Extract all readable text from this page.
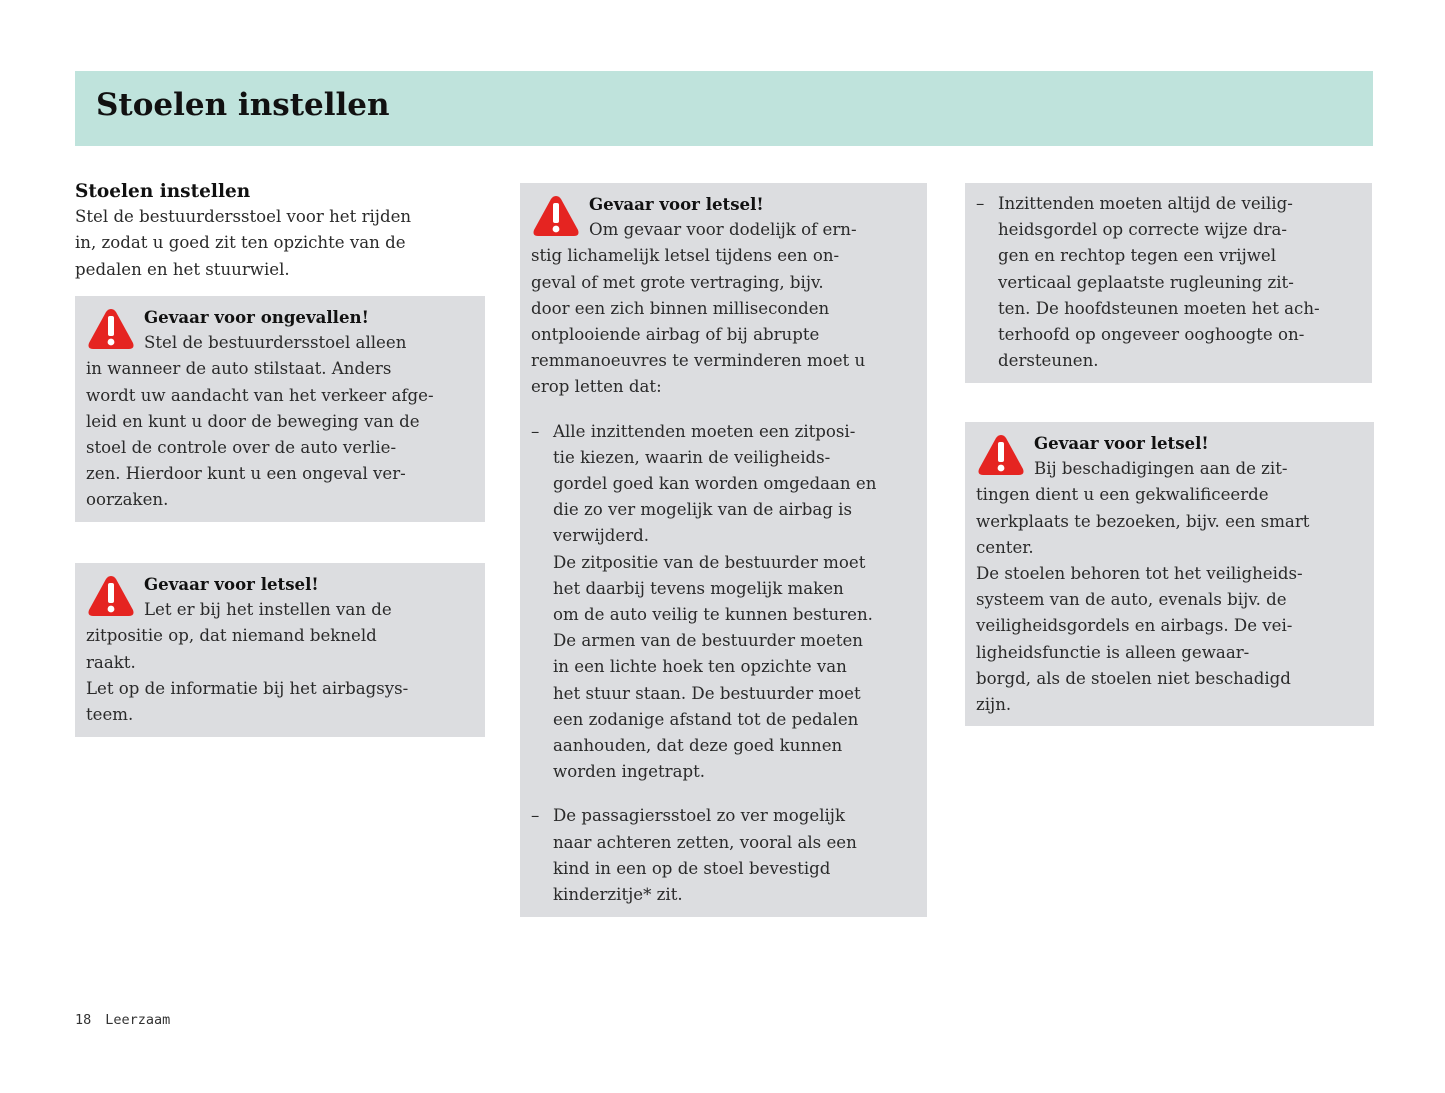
Stoelen instellen
Stoelen instellen
Stel de bestuurdersstoel voor het rijden
in, zodat u goed zit ten opzichte van de
pedalen en het stuurwiel.
Gevaar voor ongevallen!
Stel de bestuurdersstoel alleen
in wanneer de auto stilstaat. Anders
wordt uw aandacht van het verkeer afge-
leid en kunt u door de beweging van de
stoel de controle over de auto verlie-
zen. Hierdoor kunt u een ongeval ver-
oorzaken.
Gevaar voor letsel!
Let er bij het instellen van de
zitpositie op, dat niemand bekneld
raakt.
Let op de informatie bij het airbagsys-
teem.
Gevaar voor letsel!
Om gevaar voor dodelijk of ern-
stig lichamelijk letsel tijdens een on-
geval of met grote vertraging, bijv.
door een zich binnen milliseconden
ontplooiende airbag of bij abrupte
remmanoeuvres te verminderen moet u
erop letten dat:
– Alle inzittenden moeten een zitposi-
tie kiezen, waarin de veiligheids-
gordel goed kan worden omgedaan en
die zo ver mogelijk van de airbag is
verwijderd.
De zitpositie van de bestuurder moet
het daarbij tevens mogelijk maken
om de auto veilig te kunnen besturen.
De armen van de bestuurder moeten
in een lichte hoek ten opzichte van
het stuur staan. De bestuurder moet
een zodanige afstand tot de pedalen
aanhouden, dat deze goed kunnen
worden ingetrapt.
– De passagiersstoel zo ver mogelijk
naar achteren zetten, vooral als een
kind in een op de stoel bevestigd
kinderzitje* zit.
– Inzittenden moeten altijd de veilig-
heidsgordel op correcte wijze dra-
gen en rechtop tegen een vrijwel
verticaal geplaatste rugleuning zit-
ten. De hoofdsteunen moeten het ach-
terhoofd op ongeveer ooghoogte on-
dersteunen.
Gevaar voor letsel!
Bij beschadigingen aan de zit-
tingen dient u een gekwalificeerde
werkplaats te bezoeken, bijv. een smart
center.
De stoelen behoren tot het veiligheids-
systeem van de auto, evenals bijv. de
veiligheidsgordels en airbags. De vei-
ligheidsfunctie is alleen gewaar-
borgd, als de stoelen niet beschadigd
zijn.
18 Leerzaam
